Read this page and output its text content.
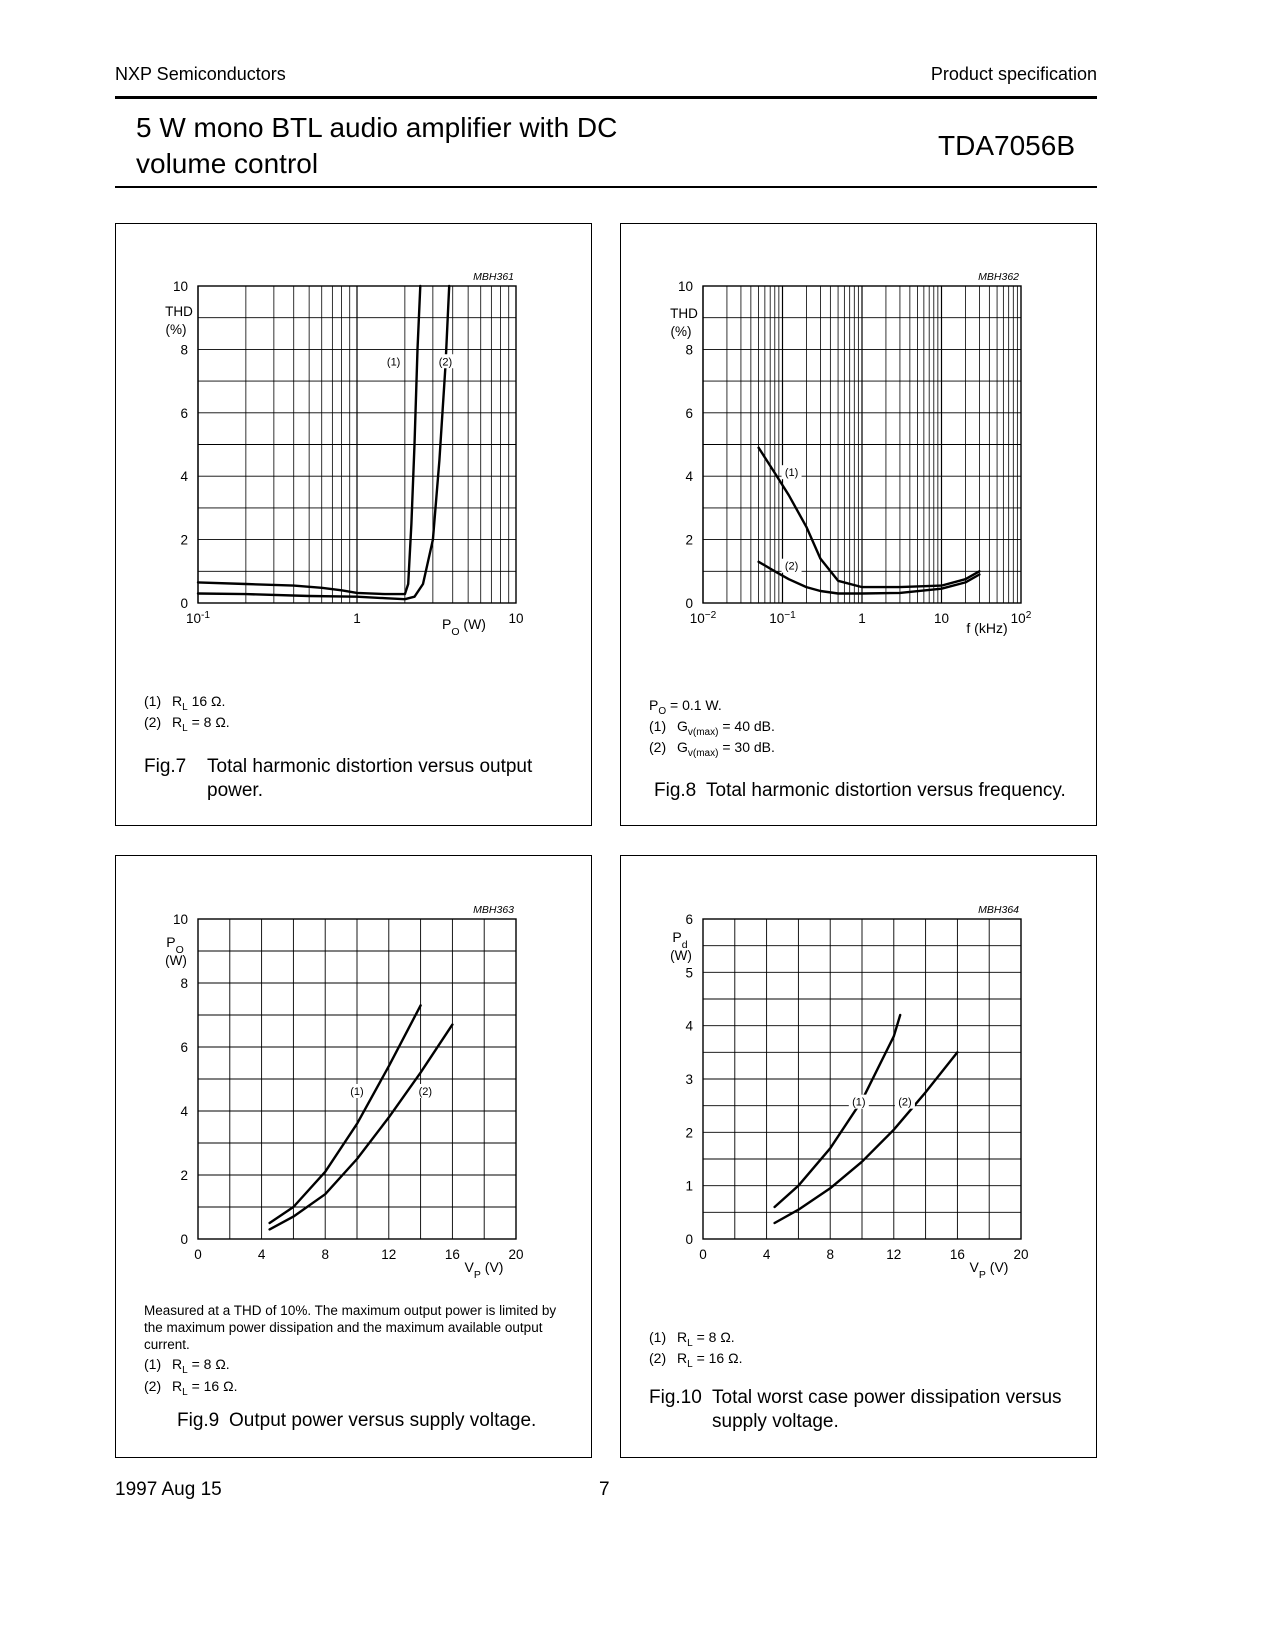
NXP Semiconductors	Product specification
5 W mono BTL audio amplifier with DC
volume control
TDA7056B
0
2
4
6
8
10
$10^{-1}$	1	10
THD
(%)
$P_O$ (W)
MBH361
(1)	(2)
(1) $R_L$ 16 Ω.
(2) $R_L = 8$ Ω.
Fig.7 Total harmonic distortion versus output
power.
0
2
4
6
8
10
$10^{-2}$	$10^{-1}$	1	10	$10^2$
THD
(%)
f (kHz)
MBH362
(1)
(2)
$P_O = 0.1$ W.
(1) $G_{v(max)} = 40$ dB.
(2) $G_{v(max)} = 30$ dB.
Fig.8 Total harmonic distortion versus frequency.
0
2
4
6
8
10
0	4	8	12	16	20
$P_O$
(W)
$V_P$ (V)
MBH363
(1)	(2)
Measured at a THD of 10%. The maximum output power is limited by the maximum power dissipation and the maximum available output current.
(1) $R_L = 8$ Ω.
(2) $R_L = 16$ Ω.
Fig.9 Output power versus supply voltage.
0
1
2
3
4
5
6
0	4	8	12	16	20
$P_d$
(W)
$V_P$ (V)
MBH364
(1)	(2)
(1) $R_L = 8$ Ω.
(2) $R_L = 16$ Ω.
Fig.10 Total worst case power dissipation versus
supply voltage.
1997 Aug 15	7
